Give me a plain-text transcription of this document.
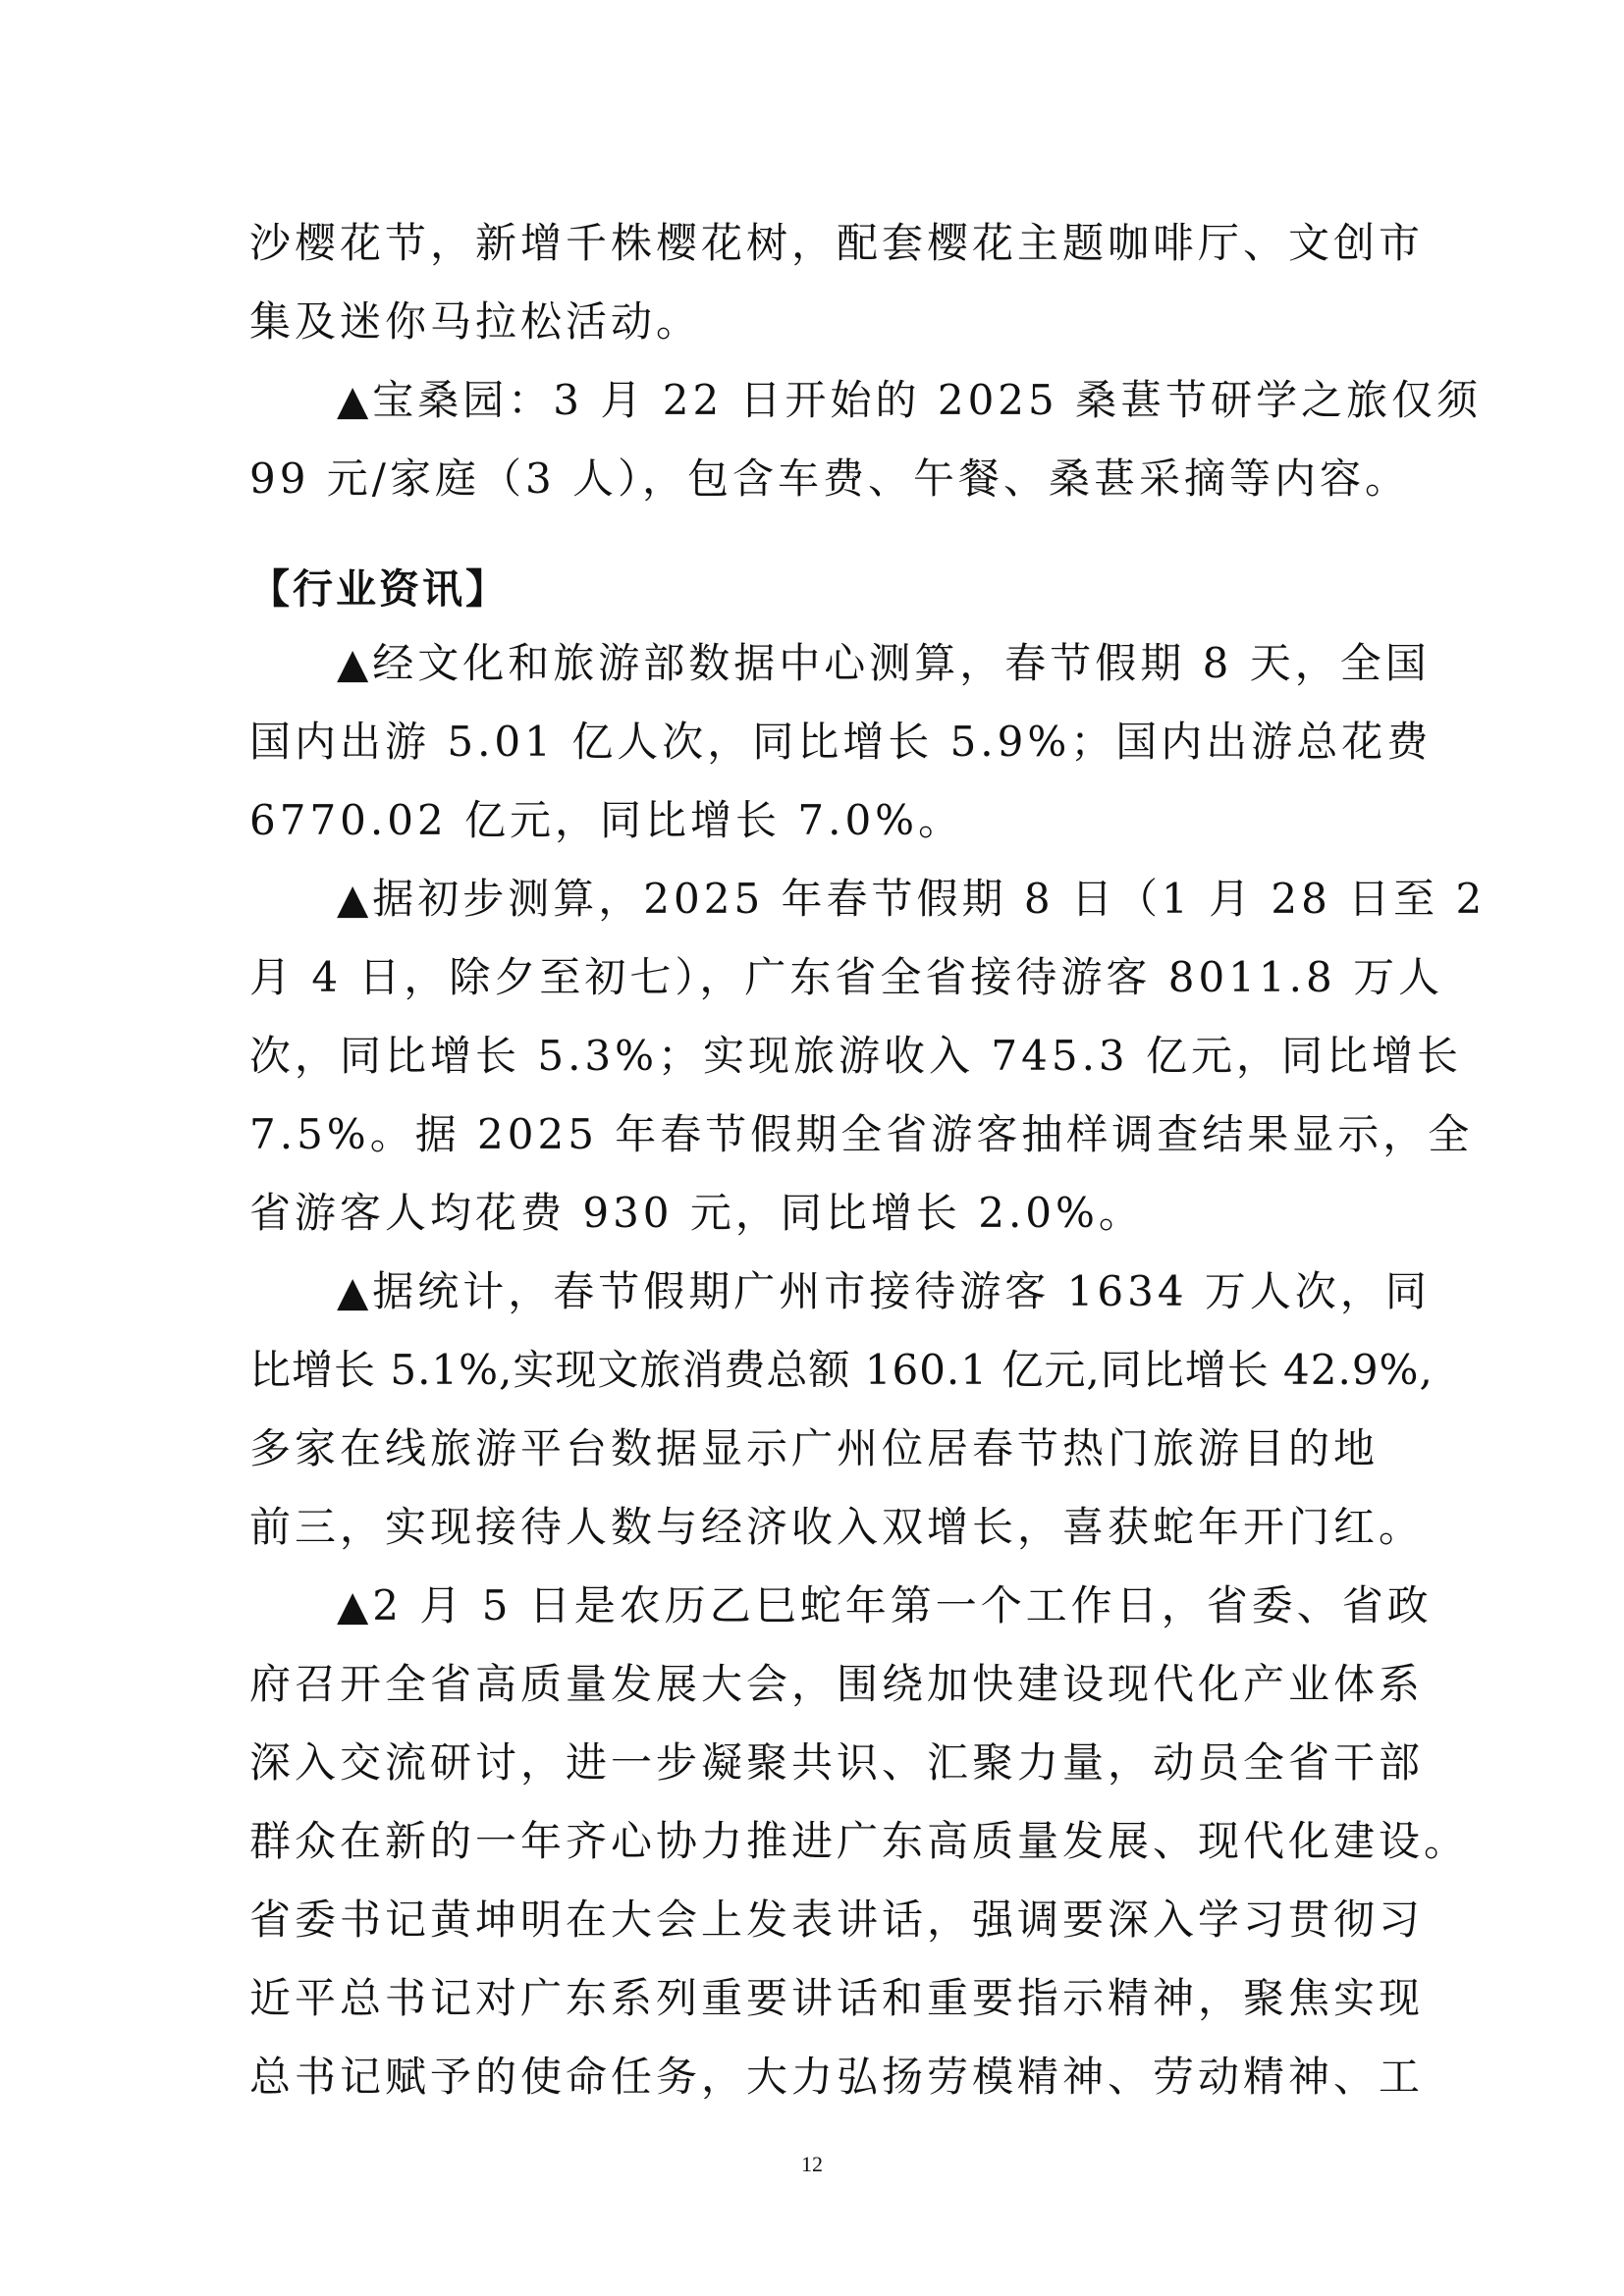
沙樱花节，新增千株樱花树，配套樱花主题咖啡厅、文创市
集及迷你马拉松活动。
▲宝桑园：3 月 22 日开始的 2025 桑葚节研学之旅仅须
99 元/家庭（3 人），包含车费、午餐、桑葚采摘等内容。
【行业资讯】
▲经文化和旅游部数据中心测算，春节假期 8 天，全国
国内出游 5.01 亿人次，同比增长 5.9%；国内出游总花费
6770.02 亿元，同比增长 7.0%。
▲据初步测算，2025 年春节假期 8 日（1 月 28 日至 2
月 4 日，除夕至初七），广东省全省接待游客 8011.8 万人
次，同比增长 5.3%；实现旅游收入 745.3 亿元，同比增长
7.5%。据 2025 年春节假期全省游客抽样调查结果显示，全
省游客人均花费 930 元，同比增长 2.0%。
▲据统计，春节假期广州市接待游客 1634 万人次，同
比增长 5.1%,实现文旅消费总额 160.1 亿元,同比增长 42.9%,
多家在线旅游平台数据显示广州位居春节热门旅游目的地
前三，实现接待人数与经济收入双增长，喜获蛇年开门红。
▲2 月 5 日是农历乙巳蛇年第一个工作日，省委、省政
府召开全省高质量发展大会，围绕加快建设现代化产业体系
深入交流研讨，进一步凝聚共识、汇聚力量，动员全省干部
群众在新的一年齐心协力推进广东高质量发展、现代化建设。
省委书记黄坤明在大会上发表讲话，强调要深入学习贯彻习
近平总书记对广东系列重要讲话和重要指示精神，聚焦实现
总书记赋予的使命任务，大力弘扬劳模精神、劳动精神、工
12
